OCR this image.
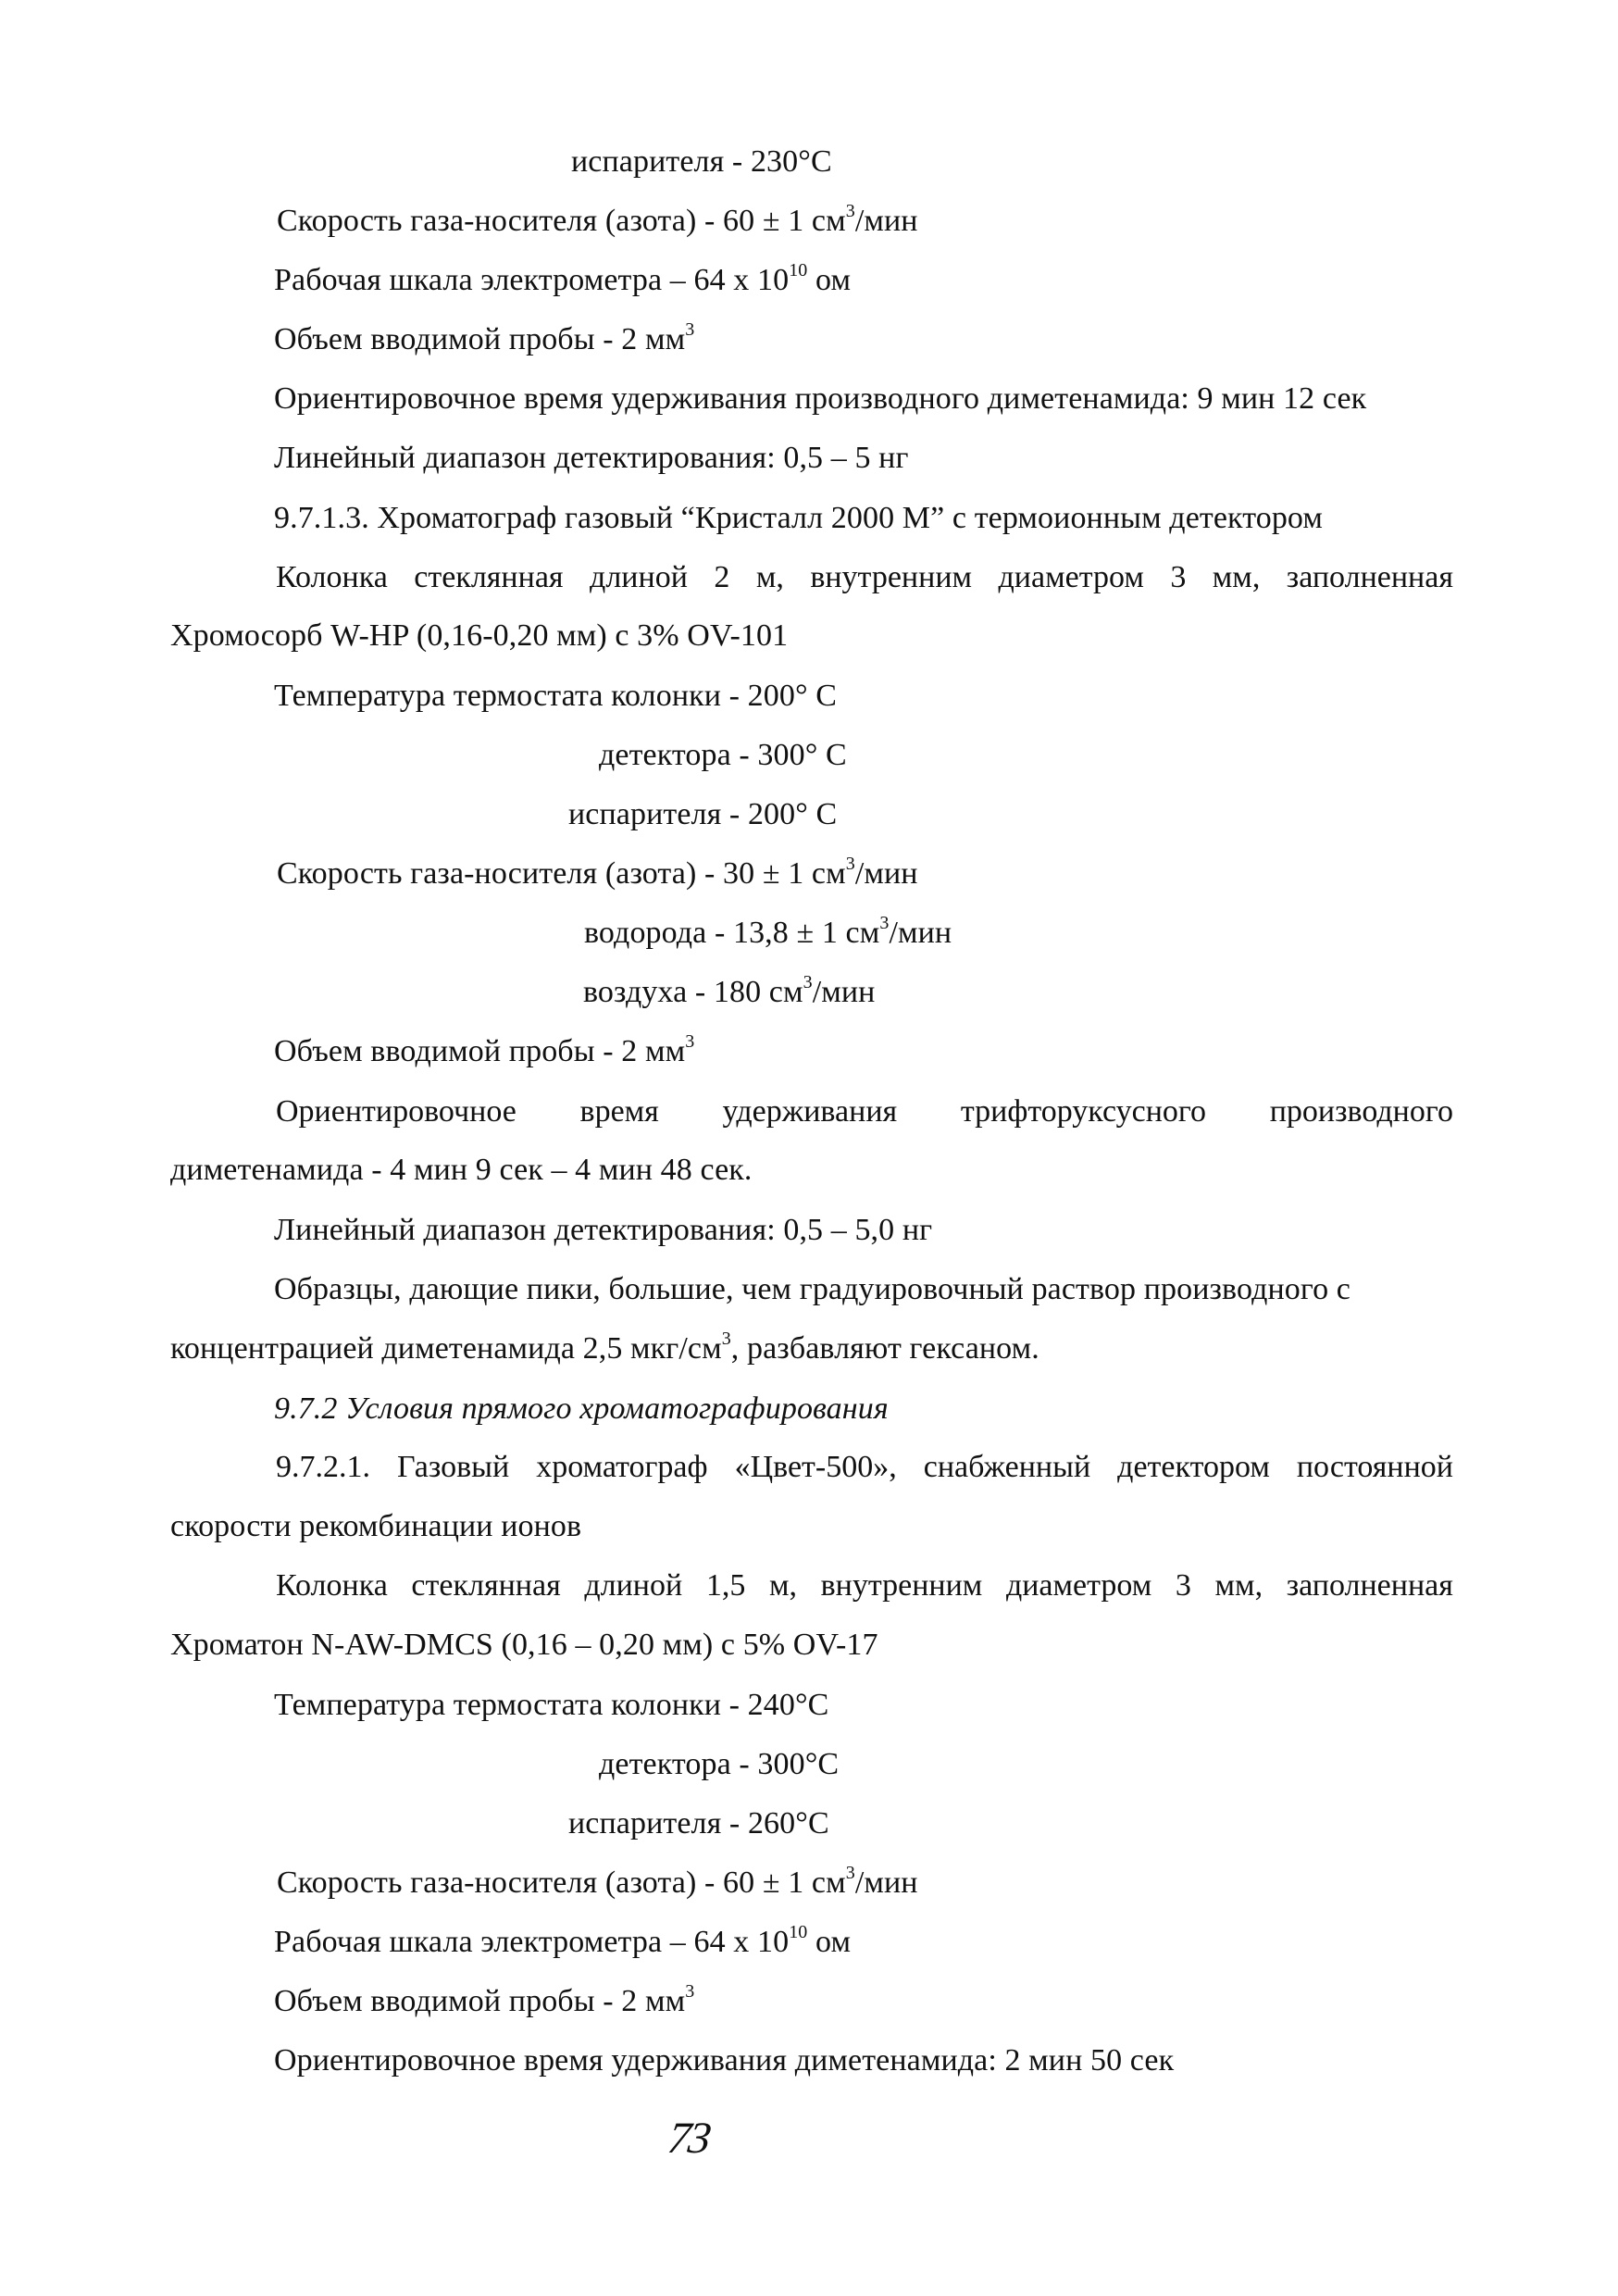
испарителя - 230°С
Скорость газа-носителя (азота) - 60 ± 1 $см^3$/мин
Рабочая шкала электрометра – 64 х $10^{10}$ ом
Объем вводимой пробы - 2 $мм^3$
Ориентировочное время удерживания производного диметенамида: 9 мин 12 сек
Линейный диапазон детектирования: 0,5 – 5 нг
9.7.1.3. Хроматограф газовый “Кристалл 2000 М” с термоионным детектором
Колонка стеклянная длиной 2 м, внутренним диаметром 3 мм, заполненная
Хромосорб W-HP (0,16-0,20 мм) с 3% OV-101
Температура термостата колонки - 200° С
детектора - 300° С
испарителя - 200° С
Скорость газа-носителя (азота) - 30 ± 1 $см^3$/мин
водорода - 13,8 ± 1 $см^3$/мин
воздуха - 180 $см^3$/мин
Объем вводимой пробы - 2 $мм^3$
Ориентировочное время удерживания трифторуксусного производного
диметенамида - 4 мин 9 сек – 4 мин 48 сек.
Линейный диапазон детектирования: 0,5 – 5,0 нг
Образцы, дающие пики, большие, чем градуировочный раствор производного с
концентрацией диметенамида 2,5 мкг/$см^3$, разбавляют гексаном.
9.7.2 Условия прямого хроматографирования
9.7.2.1. Газовый хроматограф «Цвет-500», снабженный детектором постоянной
скорости рекомбинации ионов
Колонка стеклянная длиной 1,5 м, внутренним диаметром 3 мм, заполненная
Хроматон N-AW-DMCS (0,16 – 0,20 мм) с 5% OV-17
Температура термостата колонки - 240°С
детектора - 300°С
испарителя - 260°С
Скорость газа-носителя (азота) - 60 ± 1 $см^3$/мин
Рабочая шкала электрометра – 64 х $10^{10}$ ом
Объем вводимой пробы - 2 $мм^3$
Ориентировочное время удерживания диметенамида: 2 мин 50 сек
73
